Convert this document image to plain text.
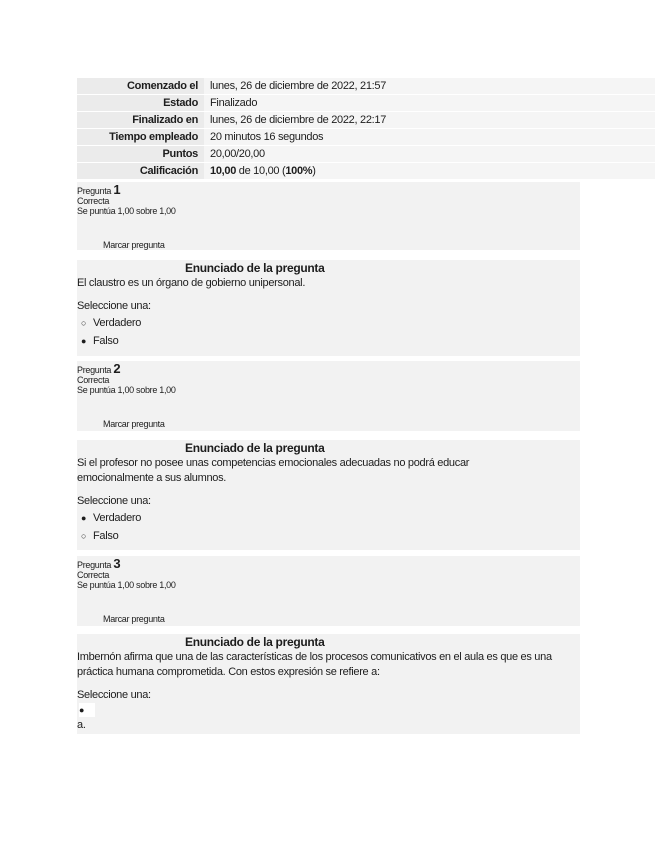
Comenzado el	lunes, 26 de diciembre de 2022, 21:57
Estado	Finalizado
Finalizado en	lunes, 26 de diciembre de 2022, 22:17
Tiempo empleado	20 minutos 16 segundos
Puntos	20,00/20,00
Calificación	10,00 de 10,00 (100%)
Pregunta 1
Correcta
Se puntúa 1,00 sobre 1,00
Marcar pregunta
Enunciado de la pregunta
El claustro es un órgano de gobierno unipersonal.
Seleccione una:
○ Verdadero
● Falso
Pregunta 2
Correcta
Se puntúa 1,00 sobre 1,00
Marcar pregunta
Enunciado de la pregunta
Si el profesor no posee unas competencias emocionales adecuadas no podrá educar emocionalmente a sus alumnos.
Seleccione una:
● Verdadero
○ Falso
Pregunta 3
Correcta
Se puntúa 1,00 sobre 1,00
Marcar pregunta
Enunciado de la pregunta
Imbernón afirma que una de las características de los procesos comunicativos en el aula es que es una práctica humana comprometida. Con estos expresión se refiere a:
Seleccione una:
●
a.
